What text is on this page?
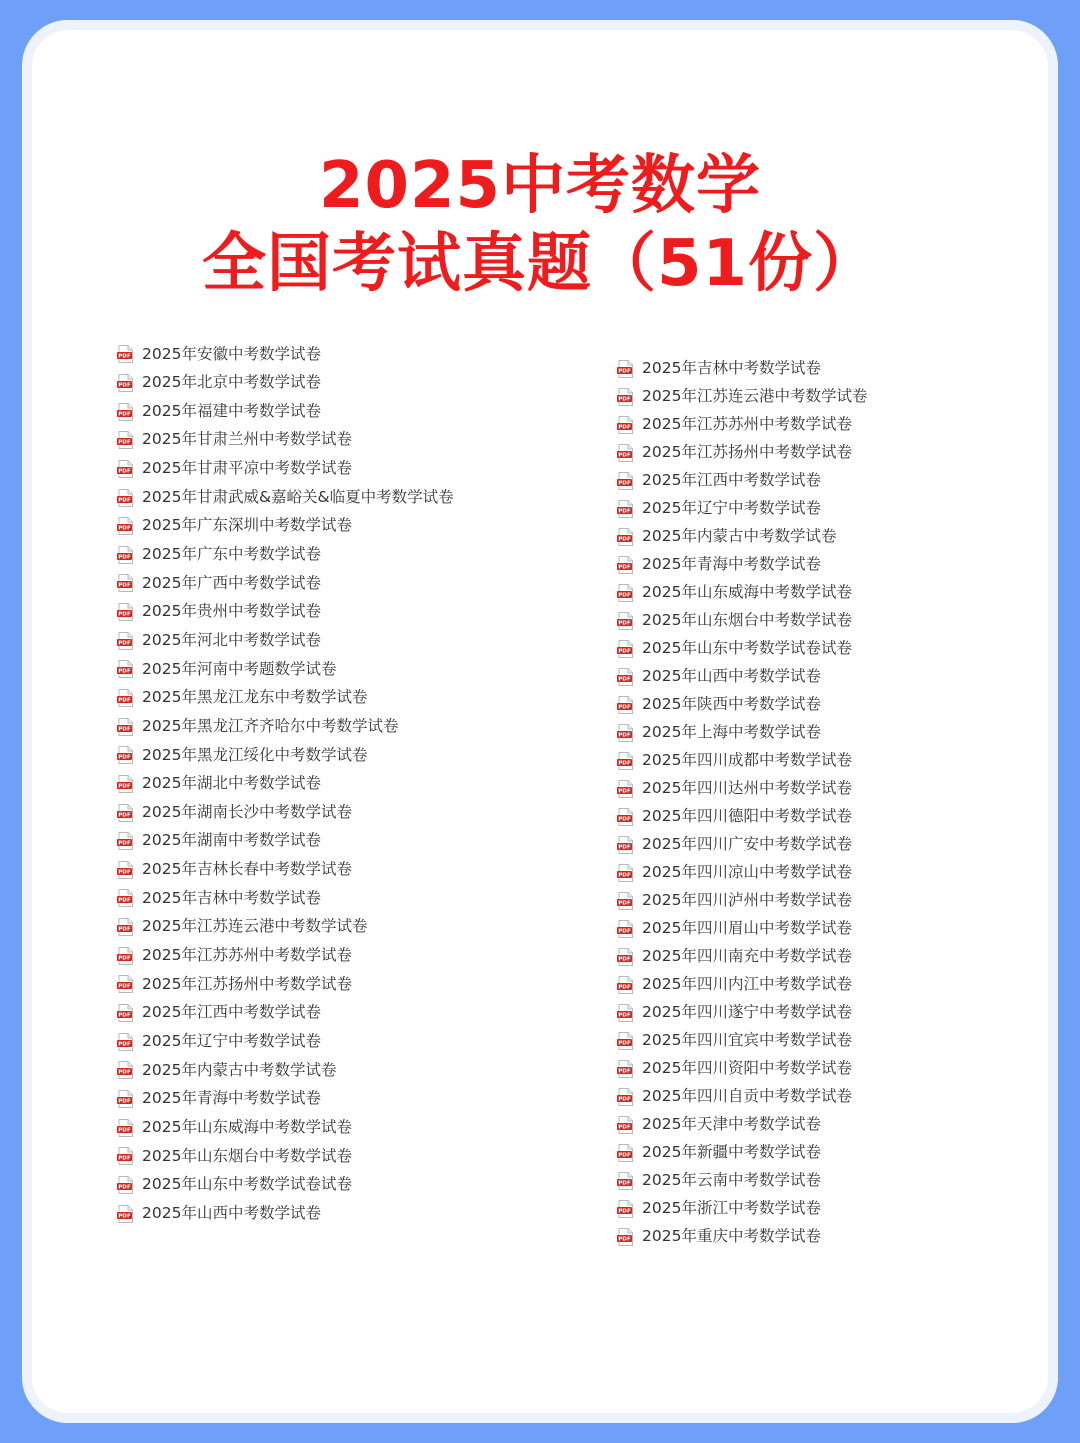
2025中考数学
全国考试真题（51份）
PDF 2025年安徽中考数学试卷
PDF 2025年北京中考数学试卷
PDF 2025年福建中考数学试卷
PDF 2025年甘肃兰州中考数学试卷
PDF 2025年甘肃平凉中考数学试卷
PDF 2025年甘肃武威&嘉峪关&临夏中考数学试卷
PDF 2025年广东深圳中考数学试卷
PDF 2025年广东中考数学试卷
PDF 2025年广西中考数学试卷
PDF 2025年贵州中考数学试卷
PDF 2025年河北中考数学试卷
PDF 2025年河南中考题数学试卷
PDF 2025年黑龙江龙东中考数学试卷
PDF 2025年黑龙江齐齐哈尔中考数学试卷
PDF 2025年黑龙江绥化中考数学试卷
PDF 2025年湖北中考数学试卷
PDF 2025年湖南长沙中考数学试卷
PDF 2025年湖南中考数学试卷
PDF 2025年吉林长春中考数学试卷
PDF 2025年吉林中考数学试卷
PDF 2025年江苏连云港中考数学试卷
PDF 2025年江苏苏州中考数学试卷
PDF 2025年江苏扬州中考数学试卷
PDF 2025年江西中考数学试卷
PDF 2025年辽宁中考数学试卷
PDF 2025年内蒙古中考数学试卷
PDF 2025年青海中考数学试卷
PDF 2025年山东威海中考数学试卷
PDF 2025年山东烟台中考数学试卷
PDF 2025年山东中考数学试卷试卷
PDF 2025年山西中考数学试卷
PDF 2025年吉林中考数学试卷
PDF 2025年江苏连云港中考数学试卷
PDF 2025年江苏苏州中考数学试卷
PDF 2025年江苏扬州中考数学试卷
PDF 2025年江西中考数学试卷
PDF 2025年辽宁中考数学试卷
PDF 2025年内蒙古中考数学试卷
PDF 2025年青海中考数学试卷
PDF 2025年山东威海中考数学试卷
PDF 2025年山东烟台中考数学试卷
PDF 2025年山东中考数学试卷试卷
PDF 2025年山西中考数学试卷
PDF 2025年陕西中考数学试卷
PDF 2025年上海中考数学试卷
PDF 2025年四川成都中考数学试卷
PDF 2025年四川达州中考数学试卷
PDF 2025年四川德阳中考数学试卷
PDF 2025年四川广安中考数学试卷
PDF 2025年四川凉山中考数学试卷
PDF 2025年四川泸州中考数学试卷
PDF 2025年四川眉山中考数学试卷
PDF 2025年四川南充中考数学试卷
PDF 2025年四川内江中考数学试卷
PDF 2025年四川遂宁中考数学试卷
PDF 2025年四川宜宾中考数学试卷
PDF 2025年四川资阳中考数学试卷
PDF 2025年四川自贡中考数学试卷
PDF 2025年天津中考数学试卷
PDF 2025年新疆中考数学试卷
PDF 2025年云南中考数学试卷
PDF 2025年浙江中考数学试卷
PDF 2025年重庆中考数学试卷
